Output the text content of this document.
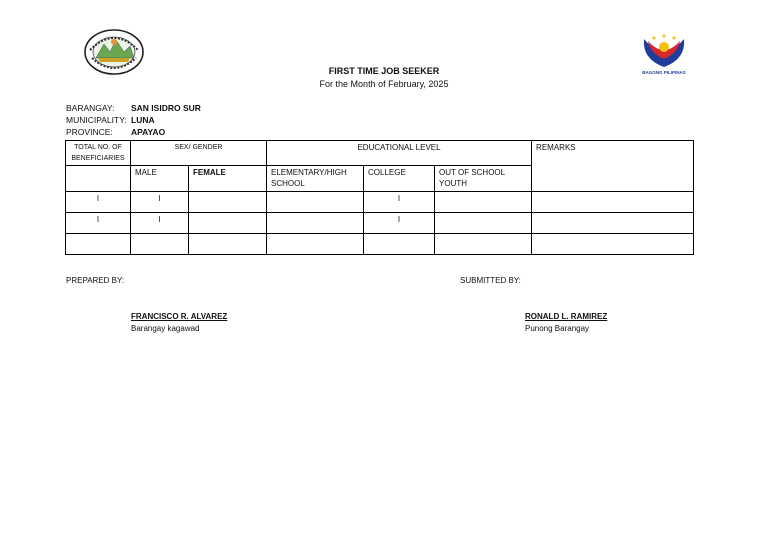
BAGONG PILIPINAS
FIRST TIME JOB SEEKER
For the Month of February, 2025
BARANGAY: SAN ISIDRO SUR
MUNICIPALITY: LUNA
PROVINCE: APAYAO
TOTAL NO. OF BENEFICIARIES	SEX/ GENDER		EDUCATIONAL LEVEL			REMARKS
	MALE	FEMALE	ELEMENTARY/HIGH SCHOOL	COLLEGE	OUT OF SCHOOL YOUTH	
I	I			I		
I	I			I		

PREPARED BY:	SUBMITTED BY:
FRANCISCO R. ALVAREZ
Barangay kagawad
RONALD L. RAMIREZ
Punong Barangay
